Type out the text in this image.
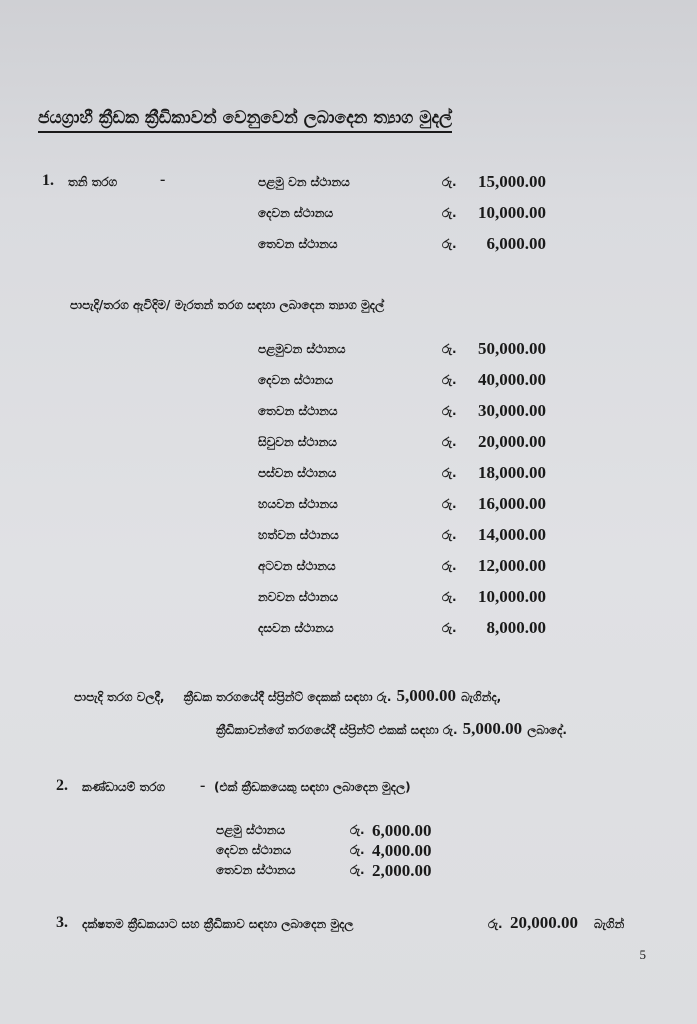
ජයග්‍රාහී ක්‍රීඩක ක්‍රීඩිකාවන් වෙනුවෙන් ලබාදෙන ත්‍යාග මුදල්
1. තනි තරග	-	පළමු වන ස්ථානය	රු. 15,000.00
දෙවන ස්ථානය	රු. 10,000.00
තෙවන ස්ථානය	රු. 6,000.00
පාපැදි/තරග ඇවිදිම/ මැරතන් තරග සඳහා ලබාදෙන ත්‍යාග මුදල්
පළමුවන ස්ථානය	රු. 50,000.00
දෙවන ස්ථානය	රු. 40,000.00
තෙවන ස්ථානය	රු. 30,000.00
සිවුවන ස්ථානය	රු. 20,000.00
පස්වන ස්ථානය	රු. 18,000.00
හයවන ස්ථානය	රු. 16,000.00
හත්වන ස්ථානය	රු. 14,000.00
අටවන ස්ථානය	රු. 12,000.00
නවවන ස්ථානය	රු. 10,000.00
දසවන ස්ථානය	රු. 8,000.00
පාපැදි තරග වලදී, ක්‍රීඩක තරගයේදී ස්ප්‍රින්ට් දෙකක් සඳහා රු. 5,000.00 බැගින්ද,
ක්‍රීඩිකාවන්ගේ තරගයේදී ස්ප්‍රින්ට් එකක් සඳහා රු. 5,000.00 ලබාදේ.
2. කණ්ඩායම් තරග - (එක් ක්‍රීඩකයෙකු සඳහා ලබාදෙන මුදල)
පළමු ස්ථානය	රු. 6,000.00
දෙවන ස්ථානය	රු. 4,000.00
තෙවන ස්ථානය	රු. 2,000.00
3. දක්ෂතම ක්‍රීඩකයාට සහ ක්‍රීඩිකාව සඳහා ලබාදෙන මුදල	රු. 20,000.00 බැගින්
5
